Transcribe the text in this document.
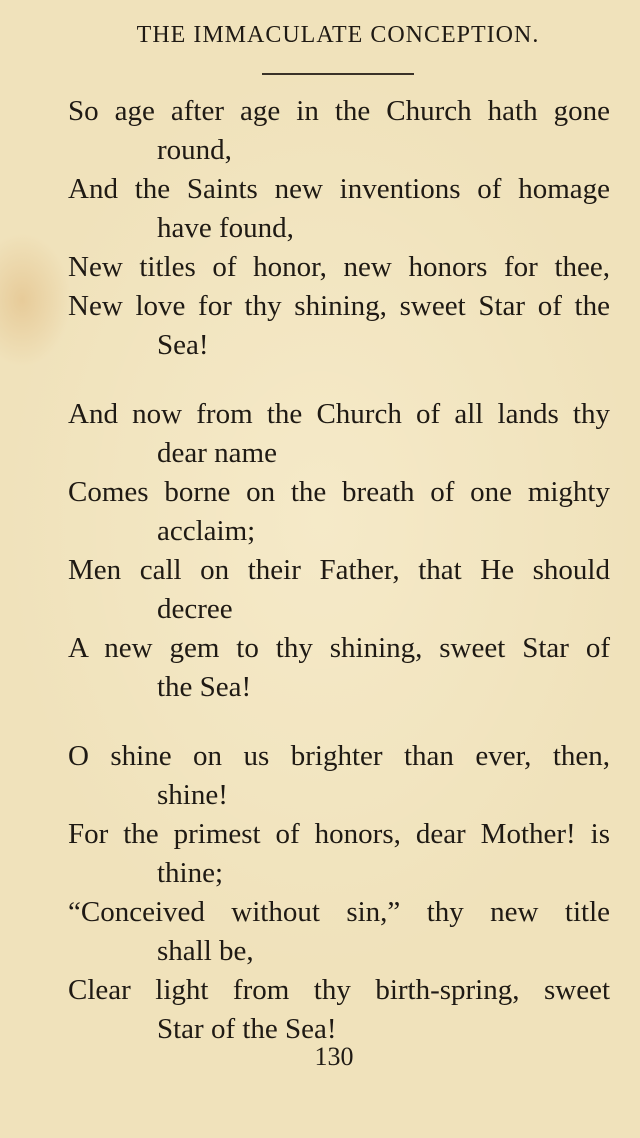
THE IMMACULATE CONCEPTION.
So age after age in the Church hath gone
round,
And the Saints new inventions of homage
have found,
New titles of honor, new honors for thee,
New love for thy shining, sweet Star of the
Sea!
And now from the Church of all lands thy
dear name
Comes borne on the breath of one mighty
acclaim;
Men call on their Father, that He should
decree
A new gem to thy shining, sweet Star of
the Sea!
O shine on us brighter than ever, then,
shine!
For the primest of honors, dear Mother! is
thine;
“Conceived without sin,” thy new title
shall be,
Clear light from thy birth-spring, sweet
Star of the Sea!
130
